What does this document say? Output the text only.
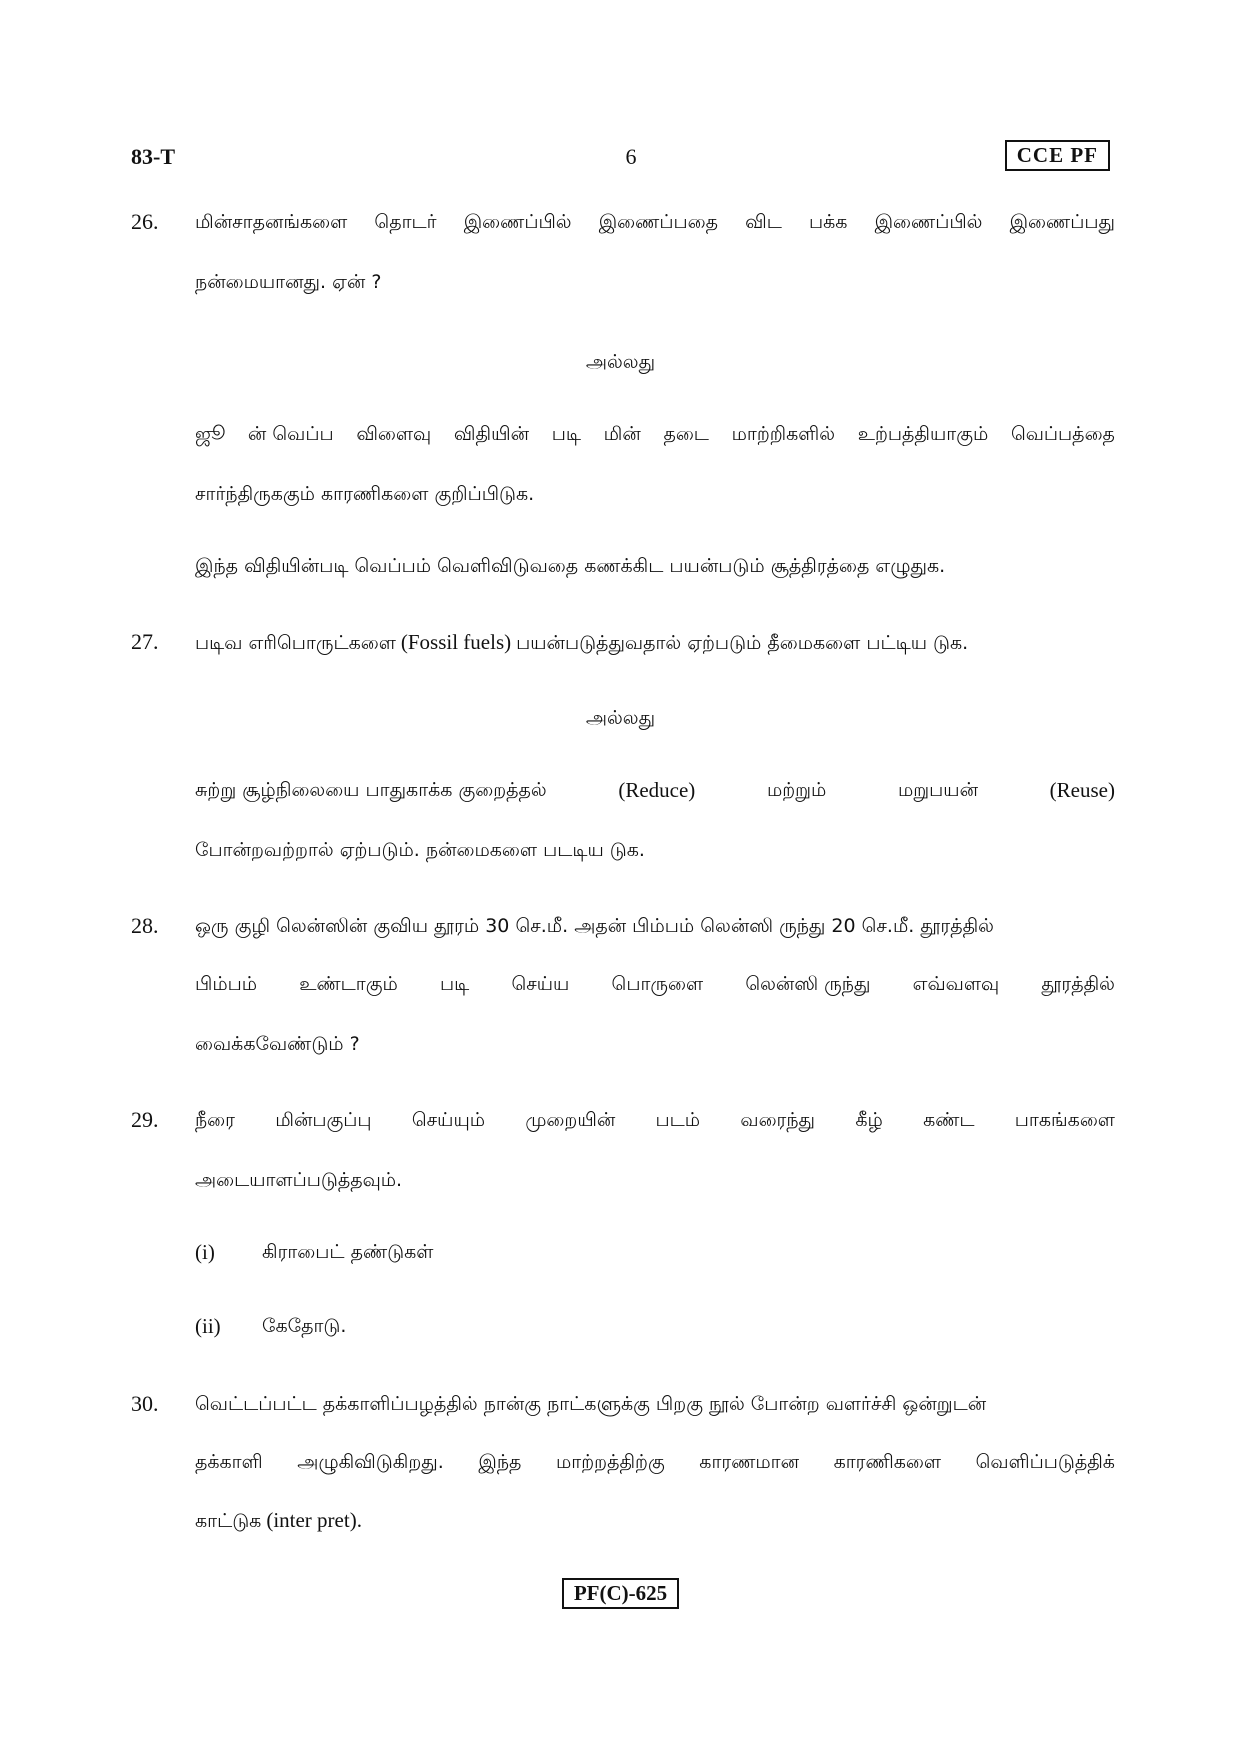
83-T	6	CCE PF
26. மின்சாதனங்களை தொடர் இணைப்பில் இணைப்பதை விட பக்க இணைப்பில் இணைப்பது
நன்மையானது. ஏன் ?
அல்லது
ஜூ ன் வெப்ப விளைவு விதியின் படி மின் தடை மாற்றிகளில் உற்பத்தியாகும் வெப்பத்தை
சார்ந்திருககும் காரணிகளை குறிப்பிடுக.
இந்த விதியின்படி வெப்பம் வெளிவிடுவதை கணக்கிட பயன்படும் சூத்திரத்தை எழுதுக.
27. படிவ எரிபொருட்களை (Fossil fuels) பயன்படுத்துவதால் ஏற்படும் தீமைகளை பட்டிய டுக.
அல்லது
சுற்று சூழ்நிலையை பாதுகாக்க குறைத்தல்	(Reduce)	மற்றும்	மறுபயன்	(Reuse)
போன்றவற்றால் ஏற்படும். நன்மைகளை படடிய டுக.
28. ஒரு குழி லென்ஸின் குவிய தூரம் 30 செ.மீ. அதன் பிம்பம் லென்ஸி ருந்து 20 செ.மீ. தூரத்தில்
பிம்பம் உண்டாகும் படி செய்ய பொருளை லென்ஸி ருந்து எவ்வளவு தூரத்தில்
வைக்கவேண்டும் ?
29. நீரை மின்பகுப்பு செய்யும் முறையின் படம் வரைந்து கீழ் கண்ட பாகங்களை
அடையாளப்படுத்தவும்.
(i) கிராபைட் தண்டுகள்
(ii) கேதோடு.
30. வெட்டப்பட்ட தக்காளிப்பழத்தில் நான்கு நாட்களுக்கு பிறகு நூல் போன்ற வளர்ச்சி ஒன்றுடன்
தக்காளி அழுகிவிடுகிறது. இந்த மாற்றத்திற்கு காரணமான காரணிகளை வெளிப்படுத்திக்
காட்டுக (inter pret).
PF(C)-625
